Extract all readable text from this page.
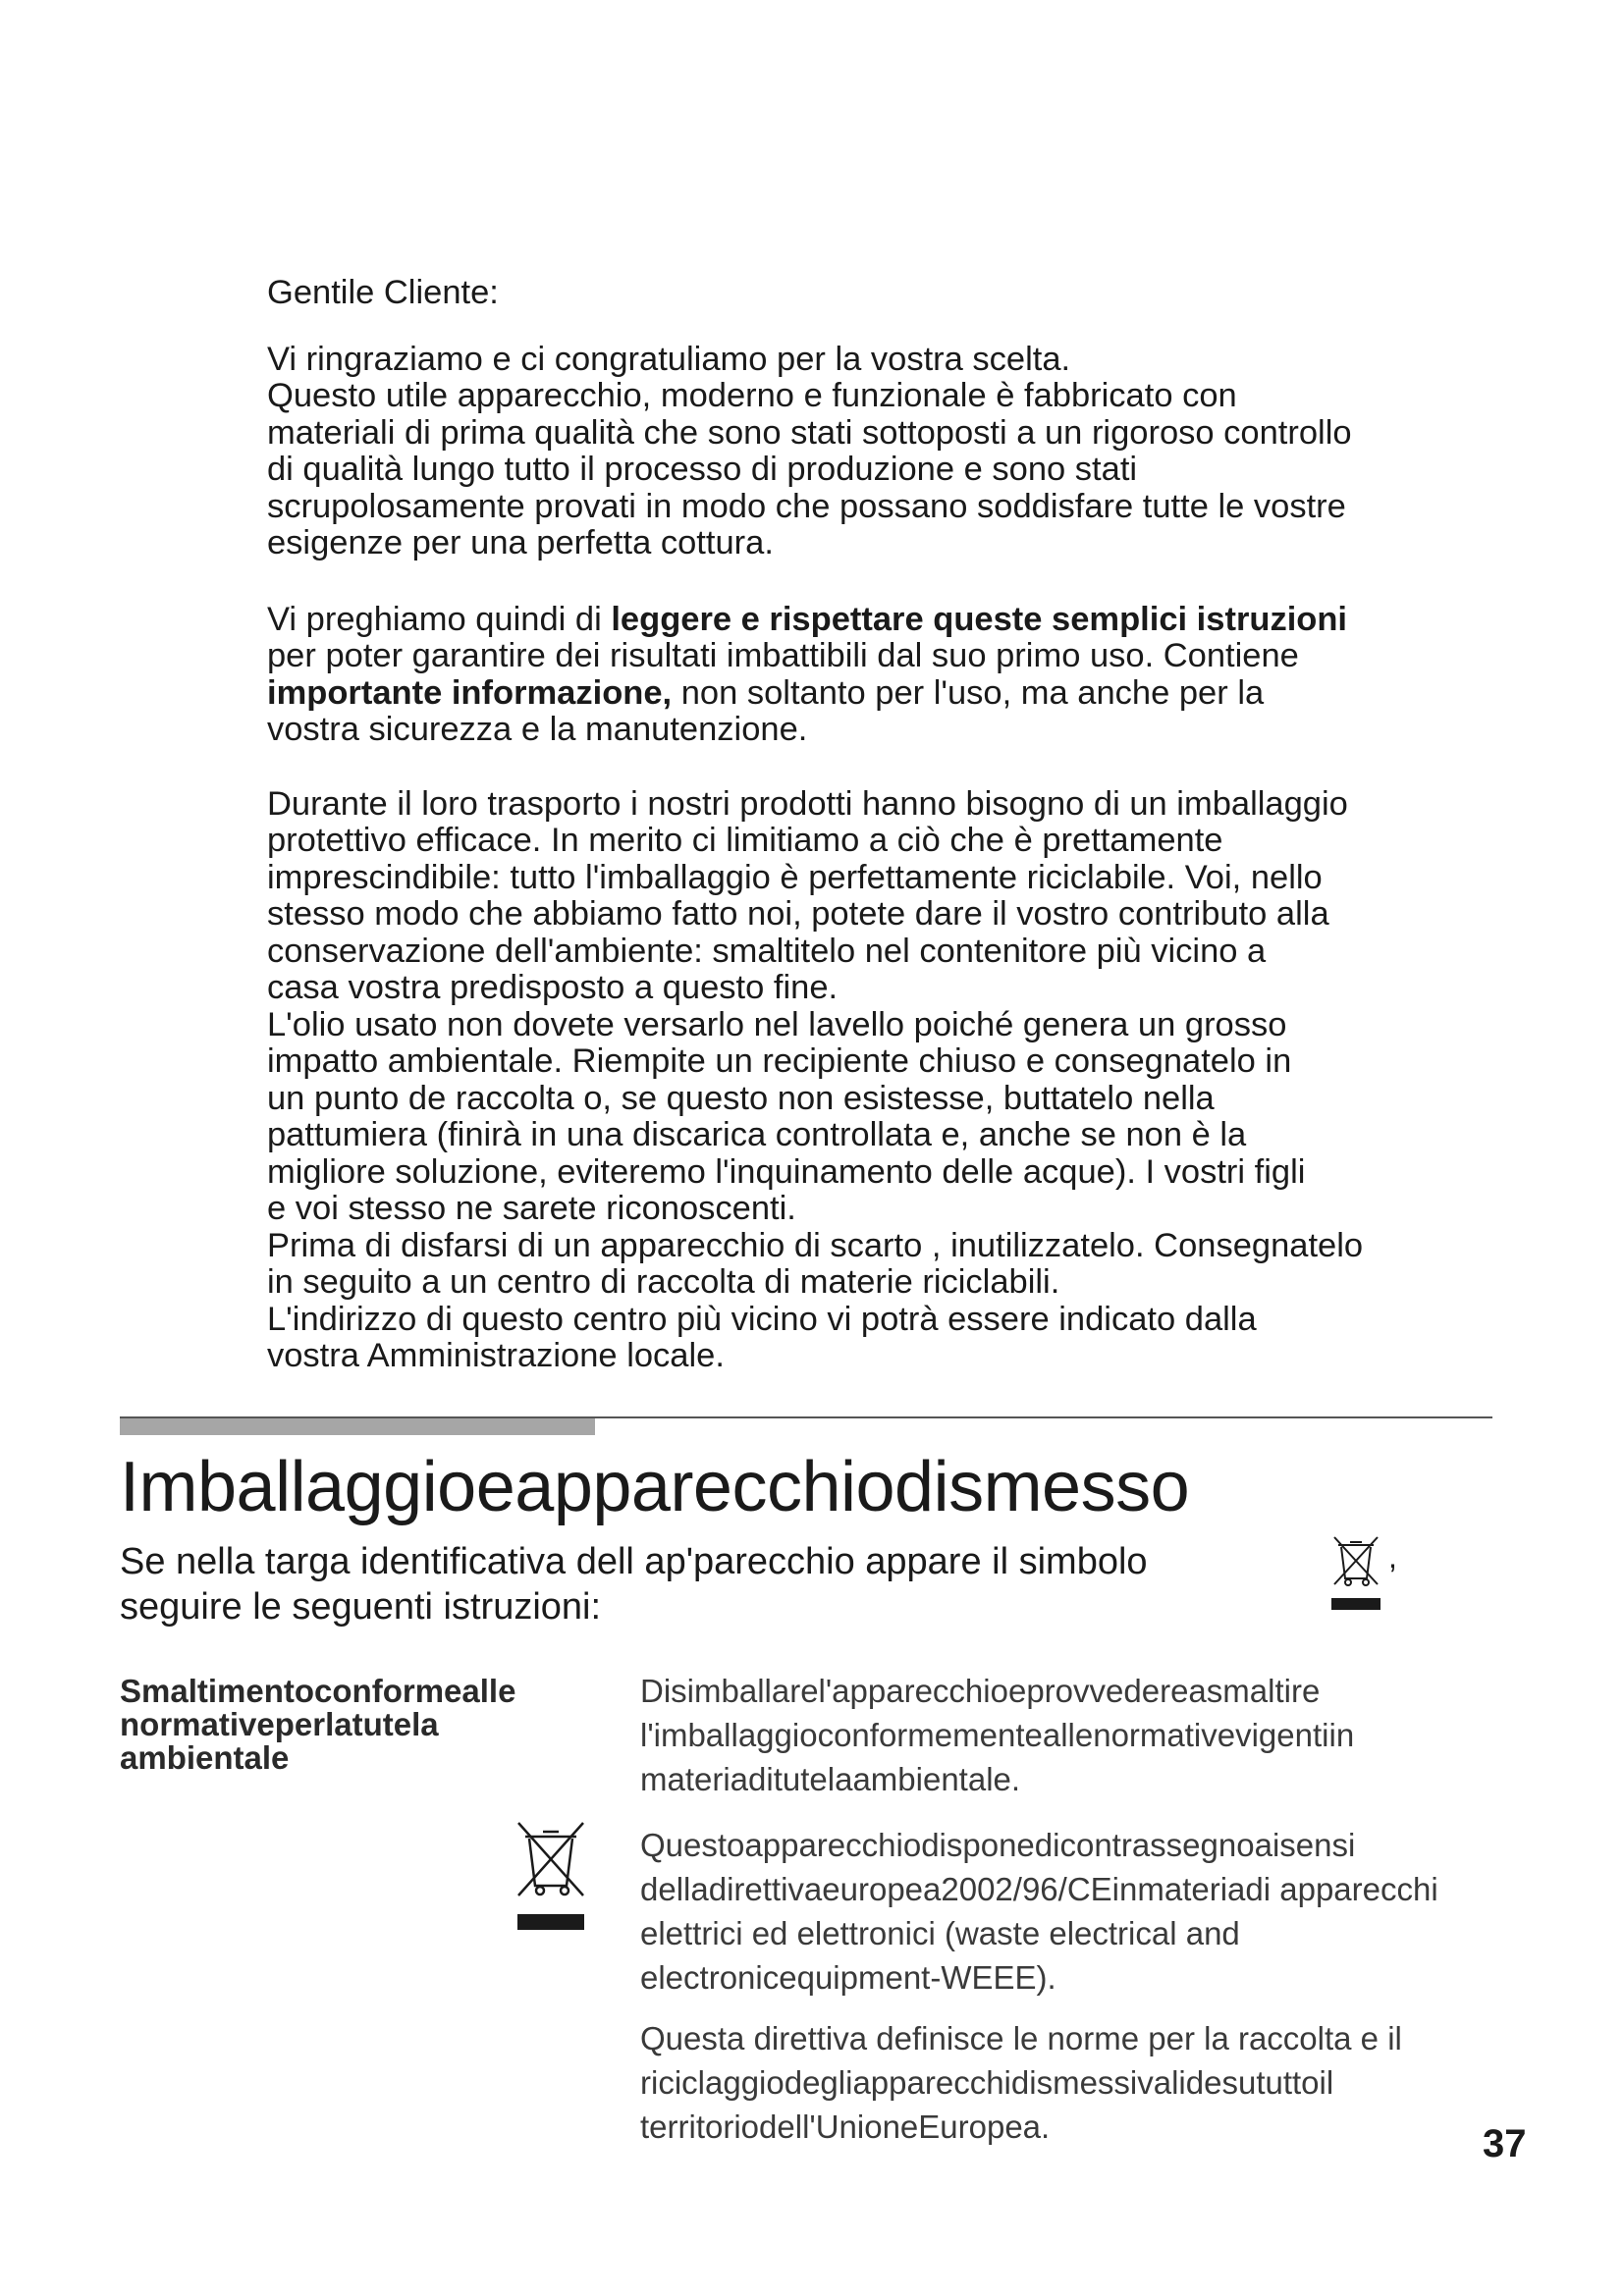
Gentile Cliente:

Vi ringraziamo e ci congratuliamo per la vostra scelta.
Questo utile apparecchio, moderno e funzionale è fabbricato con
materiali di prima qualità che sono stati sottoposti a un rigoroso controllo
di qualità lungo tutto il processo di produzione e sono stati
scrupolosamente provati in modo che possano soddisfare tutte le vostre
esigenze per una perfetta cottura.

Vi preghiamo quindi di leggere e rispettare queste semplici istruzioni
per poter garantire dei risultati imbattibili dal suo primo uso. Contiene
importante informazione, non soltanto per l'uso, ma anche per la
vostra sicurezza e la manutenzione.

Durante il loro trasporto i nostri prodotti hanno bisogno di un imballaggio
protettivo efficace. In merito ci limitiamo a ciò che è prettamente
imprescindibile: tutto l'imballaggio è perfettamente riciclabile. Voi, nello
stesso modo che abbiamo fatto noi, potete dare il vostro contributo alla
conservazione dell'ambiente: smaltitelo nel contenitore più vicino a
casa vostra predisposto a questo fine.
L'olio usato non dovete versarlo nel lavello poiché genera un grosso
impatto ambientale. Riempite un recipiente chiuso e consegnatelo in
un punto de raccolta o, se questo non esistesse, buttatelo nella
pattumiera (finirà in una discarica controllata e, anche se non è la
migliore soluzione, eviteremo l'inquinamento delle acque). I vostri figli
e voi stesso ne sarete riconoscenti.
Prima di disfarsi di un apparecchio di scarto , inutilizzatelo. Consegnatelo
in seguito a un centro di raccolta di materie riciclabili.
L'indirizzo di questo centro più vicino vi potrà essere indicato dalla
vostra Amministrazione locale.

Imballaggioeapparecchiodismesso

Se nella targa identificativa dell ap'parecchio appare il simbolo
seguire le seguenti istruzioni:

,
Smaltimentoconformealle
normativeperlatutela
ambientale

Disimballarel'apparecchioeprovvedereasmaltire l'imballaggioconformementeallenormativevigentiin materiaditutelaambientale.

Questoapparecchiodisponedicontrassegnoaisensi delladirettivaeuropea2002/96/CEinmateriadi apparecchi elettrici ed elettronici (waste electrical and electronicequipment-WEEE).

Questa direttiva definisce le norme per la raccolta e il riciclaggiodegliapparecchidismessivalidesututtoil territoriodell'UnioneEuropea.	37
